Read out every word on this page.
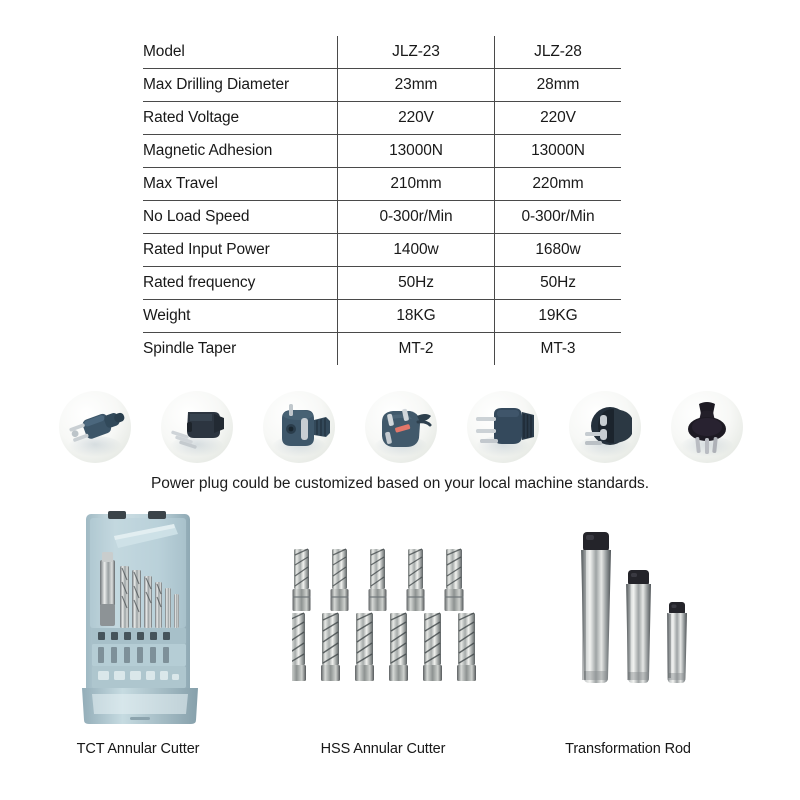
Model	JLZ-23	JLZ-28
Max Drilling Diameter	23mm	28mm
Rated Voltage	220V	220V
Magnetic Adhesion	13000N	13000N
Max Travel	210mm	220mm
No Load Speed	0-300r/Min	0-300r/Min
Rated Input Power	1400w	1680w
Rated frequency	50Hz	50Hz
Weight	18KG	19KG
Spindle Taper	MT-2	MT-3
Power plug could be customized based on your local machine standards.
TCT Annular Cutter	HSS Annular Cutter	Transformation Rod
